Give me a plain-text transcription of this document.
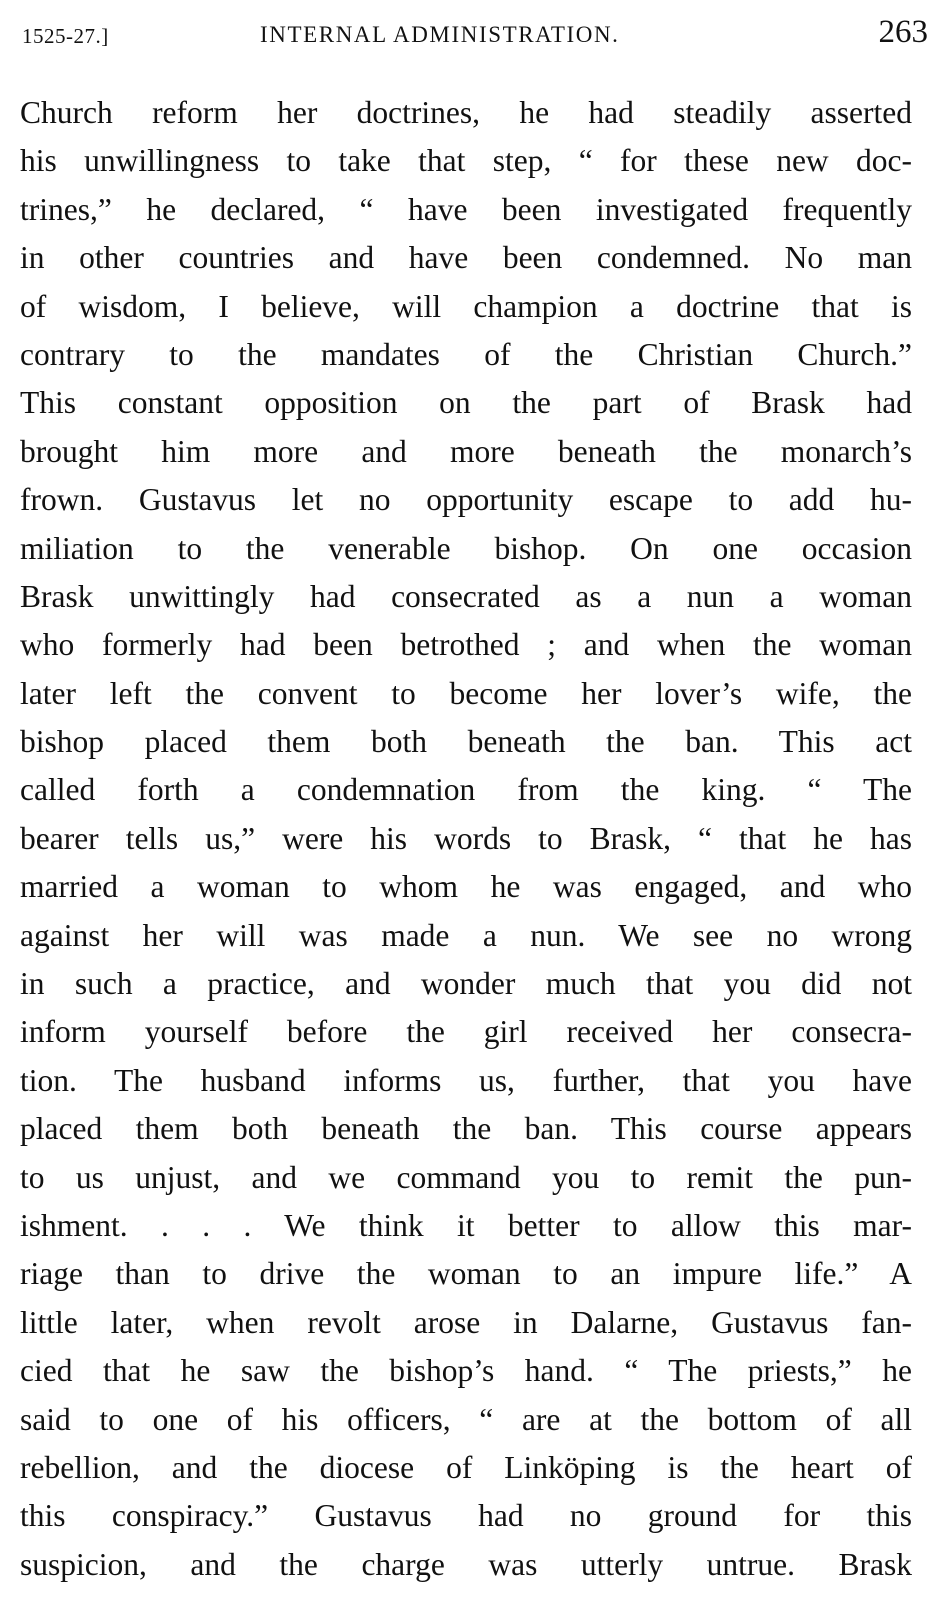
1525-27.]	INTERNAL ADMINISTRATION.	263
Church reform her doctrines, he had steadily asserted
his unwillingness to take that step, “ for these new doc-
trines,” he declared, “ have been investigated frequently
in other countries and have been condemned. No man
of wisdom, I believe, will champion a doctrine that is
contrary to the mandates of the Christian Church.”
This constant opposition on the part of Brask had
brought him more and more beneath the monarch’s
frown. Gustavus let no opportunity escape to add hu-
miliation to the venerable bishop. On one occasion
Brask unwittingly had consecrated as a nun a woman
who formerly had been betrothed ; and when the woman
later left the convent to become her lover’s wife, the
bishop placed them both beneath the ban. This act
called forth a condemnation from the king. “ The
bearer tells us,” were his words to Brask, “ that he has
married a woman to whom he was engaged, and who
against her will was made a nun. We see no wrong
in such a practice, and wonder much that you did not
inform yourself before the girl received her consecra-
tion. The husband informs us, further, that you have
placed them both beneath the ban. This course appears
to us unjust, and we command you to remit the pun-
ishment. . . . We think it better to allow this mar-
riage than to drive the woman to an impure life.” A
little later, when revolt arose in Dalarne, Gustavus fan-
cied that he saw the bishop’s hand. “ The priests,” he
said to one of his officers, “ are at the bottom of all
rebellion, and the diocese of Linköping is the heart of
this conspiracy.” Gustavus had no ground for this
suspicion, and the charge was utterly untrue. Brask
